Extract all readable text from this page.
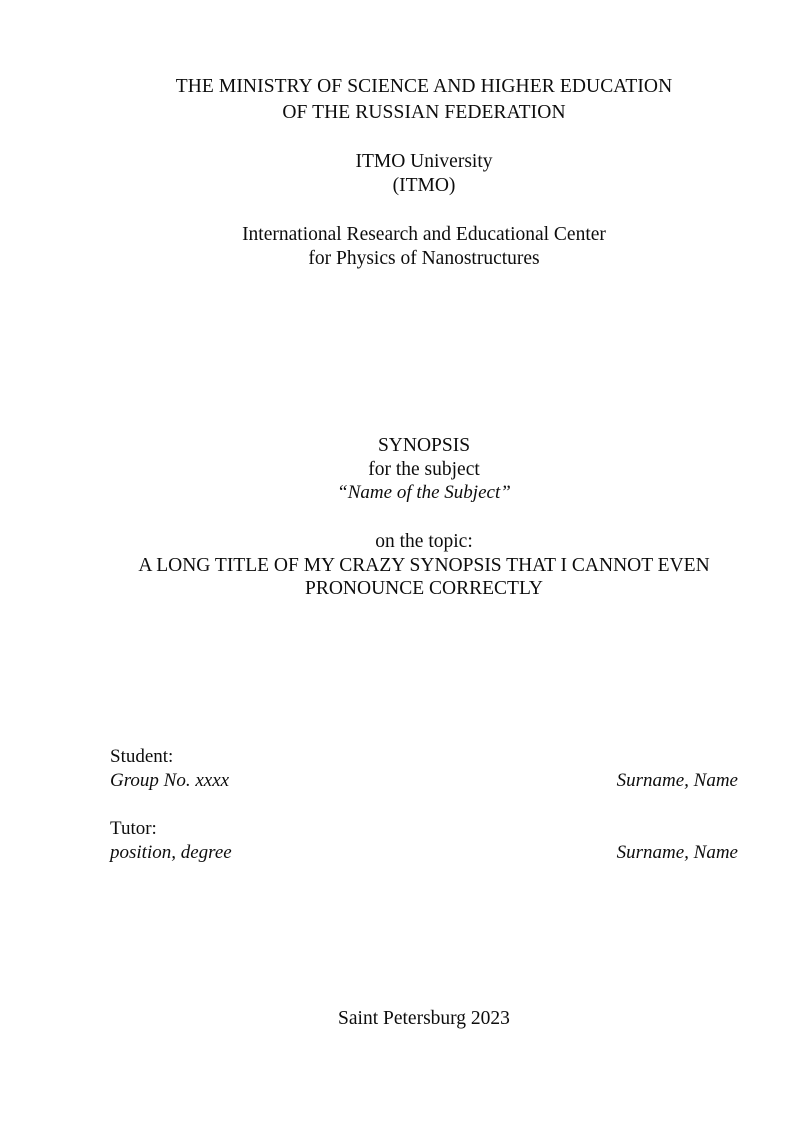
THE MINISTRY OF SCIENCE AND HIGHER EDUCATION
OF THE RUSSIAN FEDERATION
ITMO University
(ITMO)
International Research and Educational Center
for Physics of Nanostructures
SYNOPSIS
for the subject
“Name of the Subject”
on the topic:
A LONG TITLE OF MY CRAZY SYNOPSIS THAT I CANNOT EVEN
PRONOUNCE CORRECTLY
Student:
Group No. xxxx	Surname, Name
Tutor:
position, degree	Surname, Name
Saint Petersburg 2023
